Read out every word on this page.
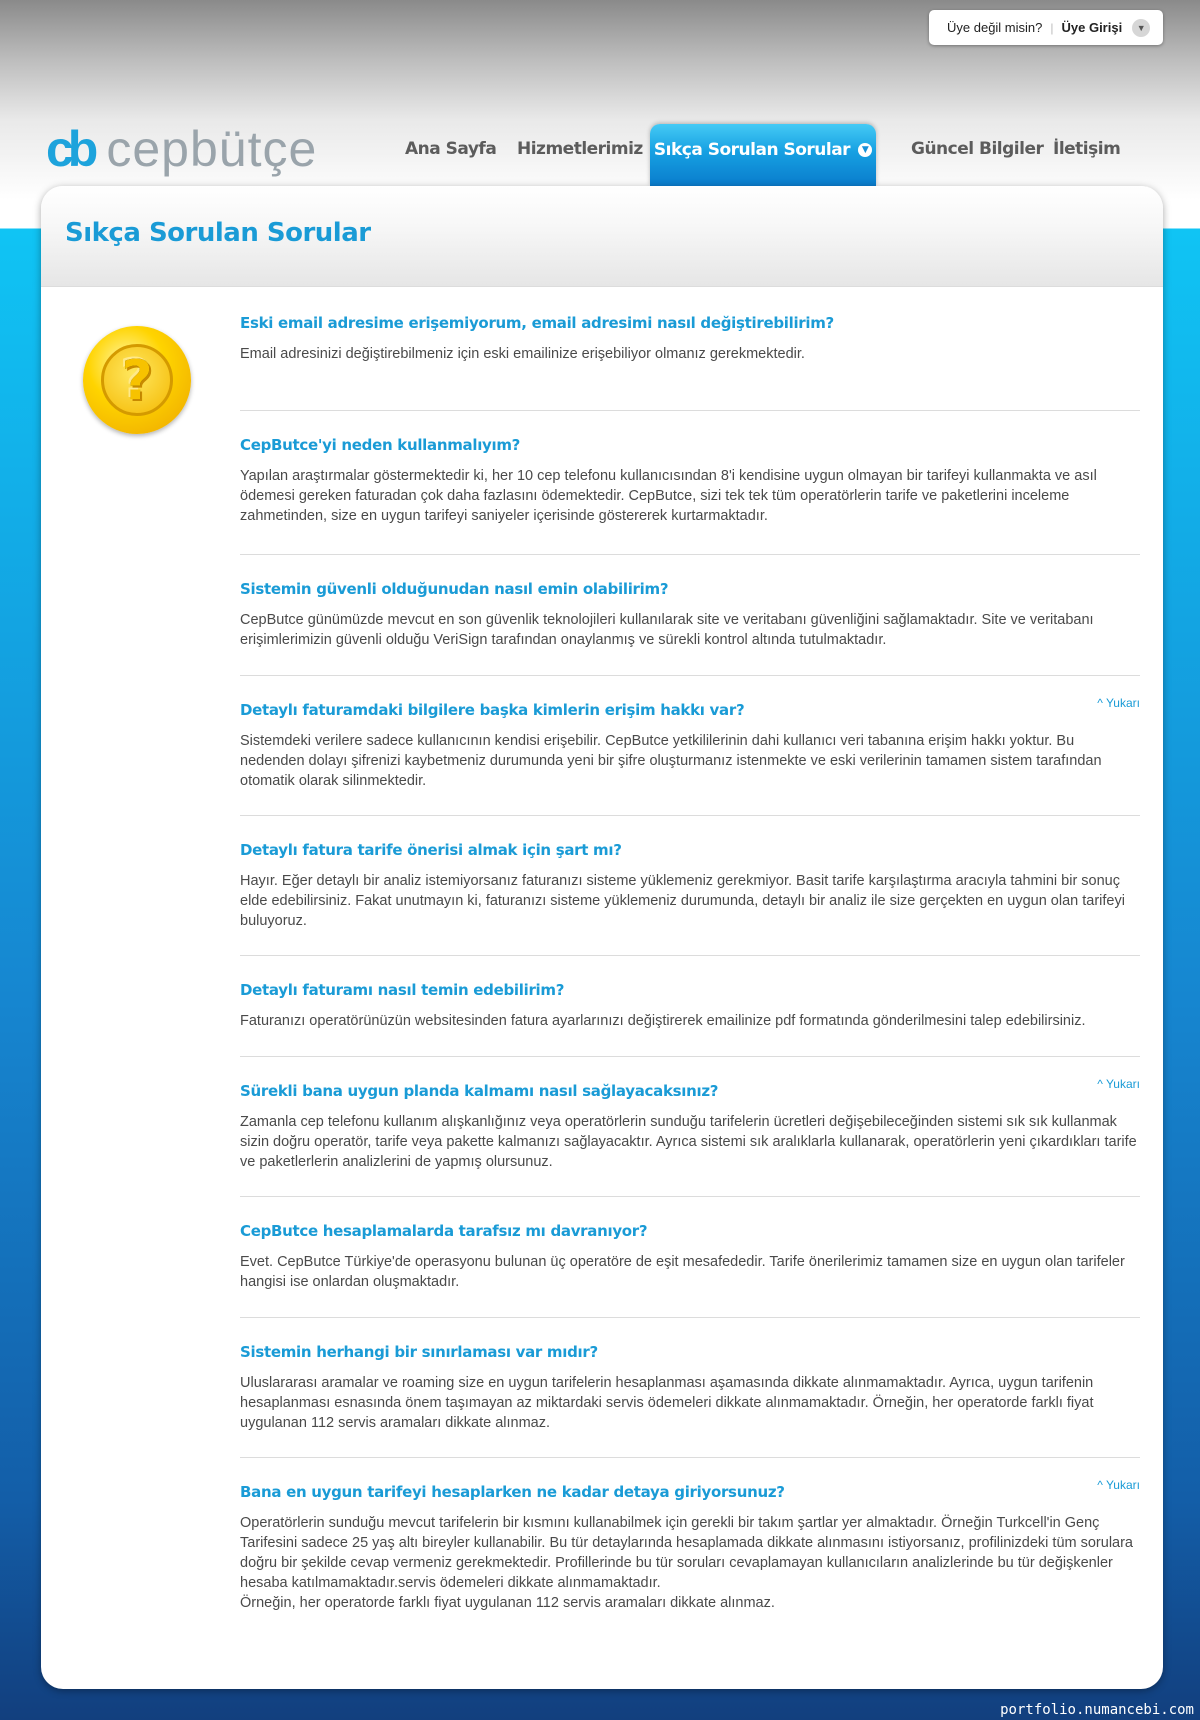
Üye değil misin? | Üye Girişi	▼
cb cepbütçe	Ana Sayfa Hizmetlerimiz Sıkça Sorulan Sorular	▼	Güncel Bilgiler İletişim
Sıkça Sorulan Sorular
?
Eski email adresime erişemiyorum, email adresimi nasıl değiştirebilirim?
Email adresinizi değiştirebilmeniz için eski emailinize erişebiliyor olmanız gerekmektedir.
CepButce'yi neden kullanmalıyım?
Yapılan araştırmalar göstermektedir ki, her 10 cep telefonu kullanıcısından 8'i kendisine uygun olmayan bir tarifeyi kullanmakta ve asıl ödemesi gereken faturadan çok daha fazlasını ödemektedir. CepButce, sizi tek tek tüm operatörlerin tarife ve paketlerini inceleme zahmetinden, size en uygun tarifeyi saniyeler içerisinde göstererek kurtarmaktadır.
Sistemin güvenli olduğunudan nasıl emin olabilirim?
CepButce günümüzde mevcut en son güvenlik teknolojileri kullanılarak site ve veritabanı güvenliğini sağlamaktadır. Site ve veritabanı erişimlerimizin güvenli olduğu VeriSign tarafından onaylanmış ve sürekli kontrol altında tutulmaktadır.
^ Yukarı
Detaylı faturamdaki bilgilere başka kimlerin erişim hakkı var?
Sistemdeki verilere sadece kullanıcının kendisi erişebilir. CepButce yetkililerinin dahi kullanıcı veri tabanına erişim hakkı yoktur. Bu nedenden dolayı şifrenizi kaybetmeniz durumunda yeni bir şifre oluşturmanız istenmekte ve eski verilerinin tamamen sistem tarafından otomatik olarak silinmektedir.
Detaylı fatura tarife önerisi almak için şart mı?
Hayır. Eğer detaylı bir analiz istemiyorsanız faturanızı sisteme yüklemeniz gerekmiyor. Basit tarife karşılaştırma aracıyla tahmini bir sonuç elde edebilirsiniz. Fakat unutmayın ki, faturanızı sisteme yüklemeniz durumunda, detaylı bir analiz ile size gerçekten en uygun olan tarifeyi buluyoruz.
Detaylı faturamı nasıl temin edebilirim?
Faturanızı operatörünüzün websitesinden fatura ayarlarınızı değiştirerek emailinize pdf formatında gönderilmesini talep edebilirsiniz.
^ Yukarı
Sürekli bana uygun planda kalmamı nasıl sağlayacaksınız?
Zamanla cep telefonu kullanım alışkanlığınız veya operatörlerin sunduğu tarifelerin ücretleri değişebileceğinden sistemi sık sık kullanmak sizin doğru operatör, tarife veya pakette kalmanızı sağlayacaktır. Ayrıca sistemi sık aralıklarla kullanarak, operatörlerin yeni çıkardıkları tarife ve paketlerlerin analizlerini de yapmış olursunuz.
CepButce hesaplamalarda tarafsız mı davranıyor?
Evet. CepButce Türkiye'de operasyonu bulunan üç operatöre de eşit mesafededir. Tarife önerilerimiz tamamen size en uygun olan tarifeler hangisi ise onlardan oluşmaktadır.
Sistemin herhangi bir sınırlaması var mıdır?
Uluslararası aramalar ve roaming size en uygun tarifelerin hesaplanması aşamasında dikkate alınmamaktadır. Ayrıca, uygun tarifenin hesaplanması esnasında önem taşımayan az miktardaki servis ödemeleri dikkate alınmamaktadır. Örneğin, her operatorde farklı fiyat uygulanan 112 servis aramaları dikkate alınmaz.
^ Yukarı
Bana en uygun tarifeyi hesaplarken ne kadar detaya giriyorsunuz?
Operatörlerin sunduğu mevcut tarifelerin bir kısmını kullanabilmek için gerekli bir takım şartlar yer almaktadır. Örneğin Turkcell'in Genç Tarifesini sadece 25 yaş altı bireyler kullanabilir. Bu tür detaylarında hesaplamada dikkate alınmasını istiyorsanız, profilinizdeki tüm sorulara doğru bir şekilde cevap vermeniz gerekmektedir. Profillerinde bu tür soruları cevaplamayan kullanıcıların analizlerinde bu tür değişkenler hesaba katılmamaktadır.servis ödemeleri dikkate alınmamaktadır.
Örneğin, her operatorde farklı fiyat uygulanan 112 servis aramaları dikkate alınmaz.
portfolio.numancebi.com
